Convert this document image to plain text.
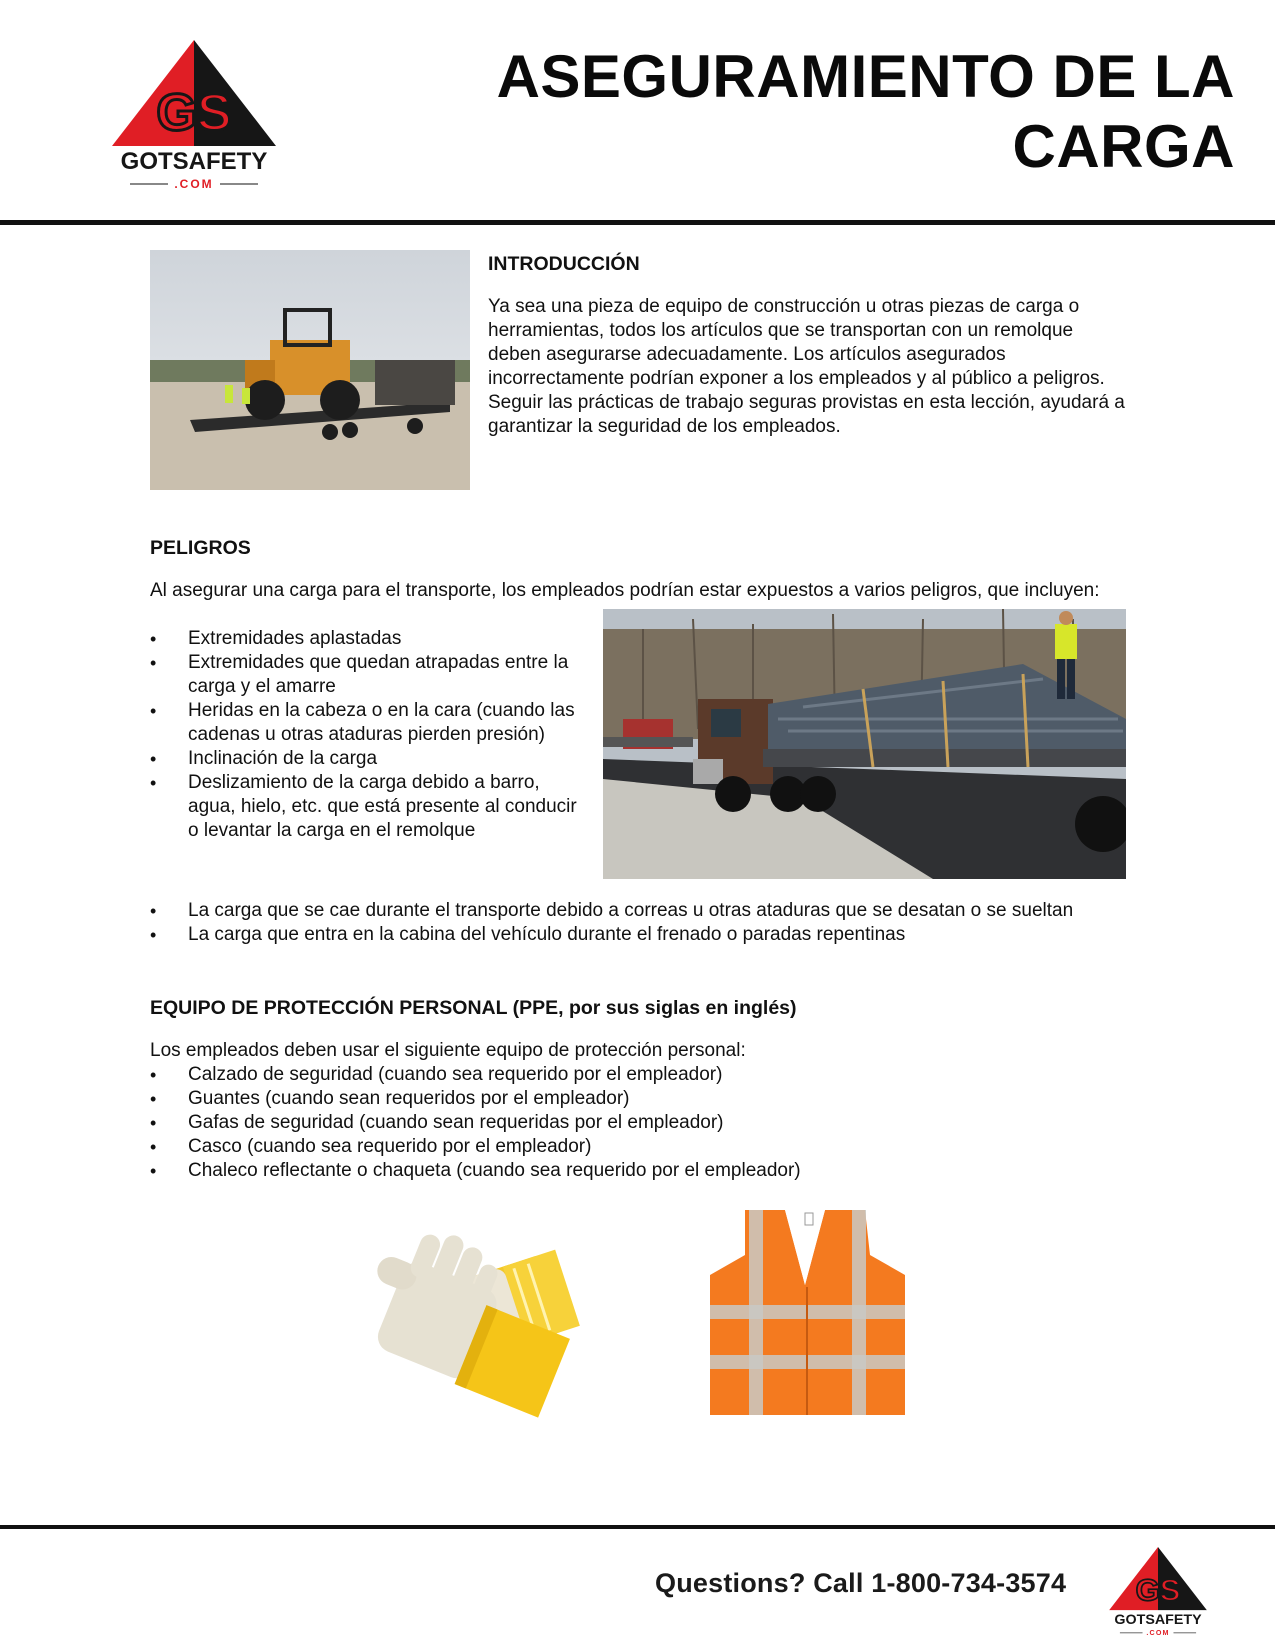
GS
GOTSAFETY
.COM
ASEGURAMIENTO DE LA
CARGA
INTRODUCCIÓN
Ya sea una pieza de equipo de construcción u otras piezas de carga o herramientas, todos los artículos que se transportan con un remolque deben asegurarse adecuadamente. Los artículos asegurados incorrectamente podrían exponer a los empleados y al público a peligros. Seguir las prácticas de trabajo seguras provistas en esta lección, ayudará a garantizar la seguridad de los empleados.
PELIGROS
Al asegurar una carga para el transporte, los empleados podrían estar expuestos a varios peligros, que incluyen:
• Extremidades aplastadas
• Extremidades que quedan atrapadas entre la carga y el amarre
• Heridas en la cabeza o en la cara (cuando las cadenas u otras ataduras pierden presión)
• Inclinación de la carga
• Deslizamiento de la carga debido a barro, agua, hielo, etc. que está presente al conducir o levantar la carga en el remolque
• La carga que se cae durante el transporte debido a correas u otras ataduras que se desatan o se sueltan
• La carga que entra en la cabina del vehículo durante el frenado o paradas repentinas
EQUIPO DE PROTECCIÓN PERSONAL (PPE, por sus siglas en inglés)
Los empleados deben usar el siguiente equipo de protección personal:
• Calzado de seguridad (cuando sea requerido por el empleador)
• Guantes (cuando sean requeridos por el empleador)
• Gafas de seguridad (cuando sean requeridas por el empleador)
• Casco (cuando sea requerido por el empleador)
• Chaleco reflectante o chaqueta (cuando sea requerido por el empleador)
Questions? Call 1-800-734-3574	GS
GOTSAFETY
.COM
